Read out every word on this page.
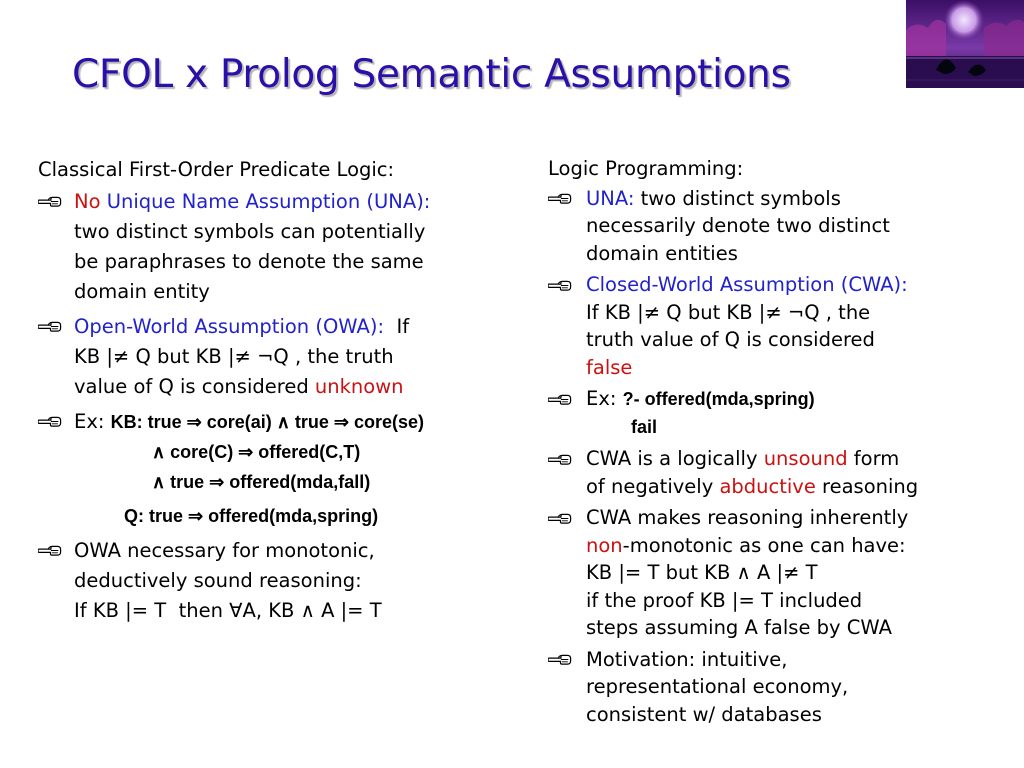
CFOL x Prolog Semantic Assumptions
Classical First-Order Predicate Logic:
No Unique Name Assumption (UNA):
two distinct symbols can potentially
be paraphrases to denote the same
domain entity
Open-World Assumption (OWA):  If
KB |≠ Q but KB |≠ ¬Q , the truth
value of Q is considered unknown
Ex: KB: true ⇒ core(ai) ∧ true ⇒ core(se)
∧ core(C) ⇒ offered(C,T)
∧ true ⇒ offered(mda,fall)
Q: true ⇒ offered(mda,spring)
OWA necessary for monotonic,
deductively sound reasoning:
If KB |= T  then ∀A, KB ∧ A |= T
Logic Programming:
UNA: two distinct symbols
necessarily denote two distinct
domain entities
Closed-World Assumption (CWA):
If KB |≠ Q but KB |≠ ¬Q , the
truth value of Q is considered
false
Ex: ?- offered(mda,spring)
fail
CWA is a logically unsound form
of negatively abductive reasoning
CWA makes reasoning inherently
non-monotonic as one can have:
KB |= T but KB ∧ A |≠ T
if the proof KB |= T included
steps assuming A false by CWA
Motivation: intuitive,
representational economy,
consistent w/ databases
